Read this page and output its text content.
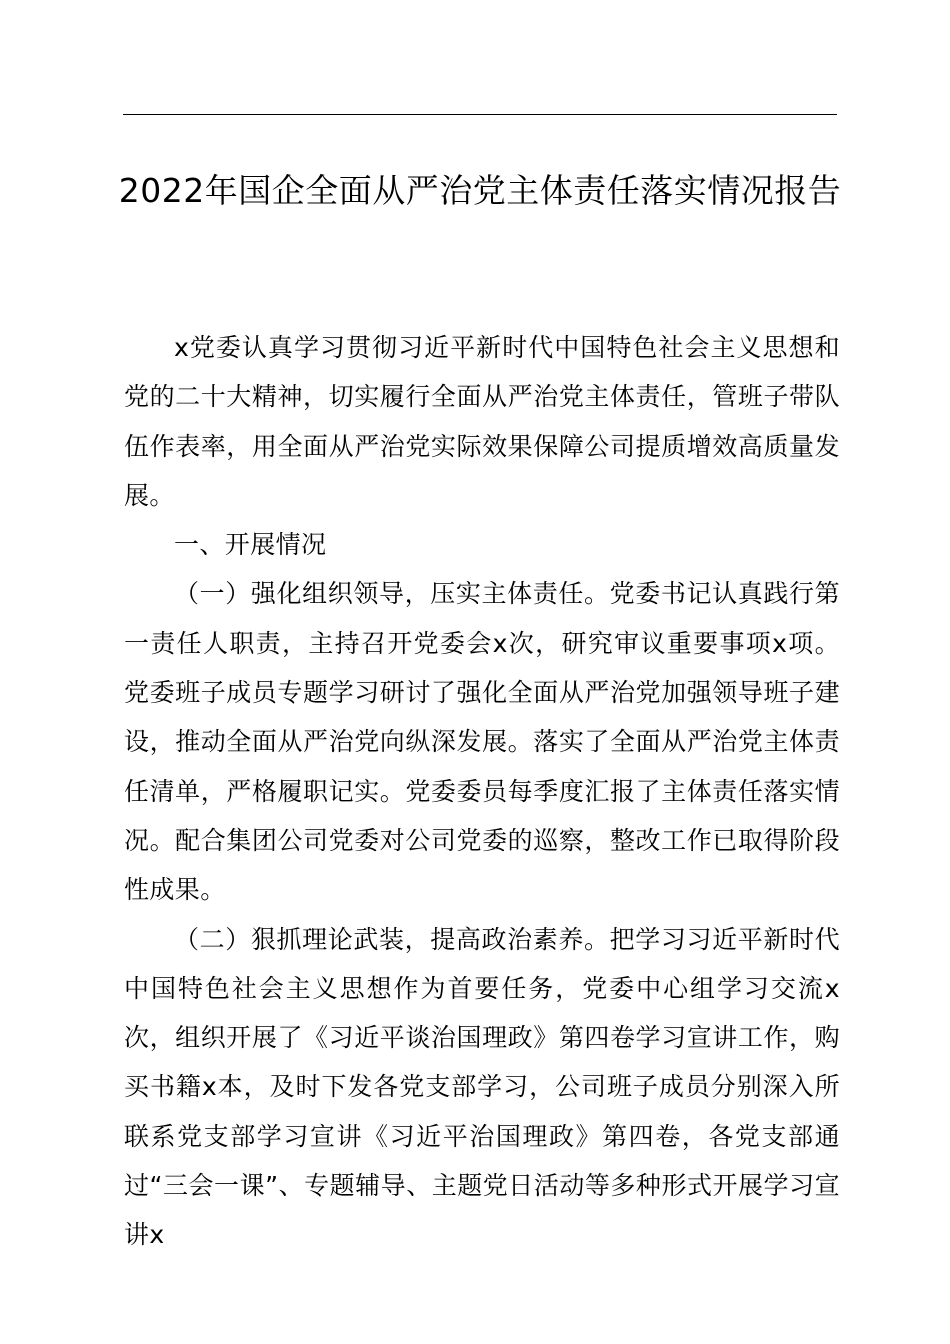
2022年国企全面从严治党主体责任落实情况报告

x党委认真学习贯彻习近平新时代中国特色社会主义思想和党的二十大精神，切实履行全面从严治党主体责任，管班子带队伍作表率，用全面从严治党实际效果保障公司提质增效高质量发展。

一、开展情况

（一）强化组织领导，压实主体责任。党委书记认真践行第一责任人职责，主持召开党委会x次，研究审议重要事项x项。党委班子成员专题学习研讨了强化全面从严治党加强领导班子建设，推动全面从严治党向纵深发展。落实了全面从严治党主体责任清单，严格履职记实。党委委员每季度汇报了主体责任落实情况。配合集团公司党委对公司党委的巡察，整改工作已取得阶段性成果。

（二）狠抓理论武装，提高政治素养。把学习习近平新时代中国特色社会主义思想作为首要任务，党委中心组学习交流x次，组织开展了《习近平谈治国理政》第四卷学习宣讲工作，购买书籍x本，及时下发各党支部学习，公司班子成员分别深入所联系党支部学习宣讲《习近平治国理政》第四卷，各党支部通过“三会一课”、专题辅导、主题党日活动等多种形式开展学习宣讲x
